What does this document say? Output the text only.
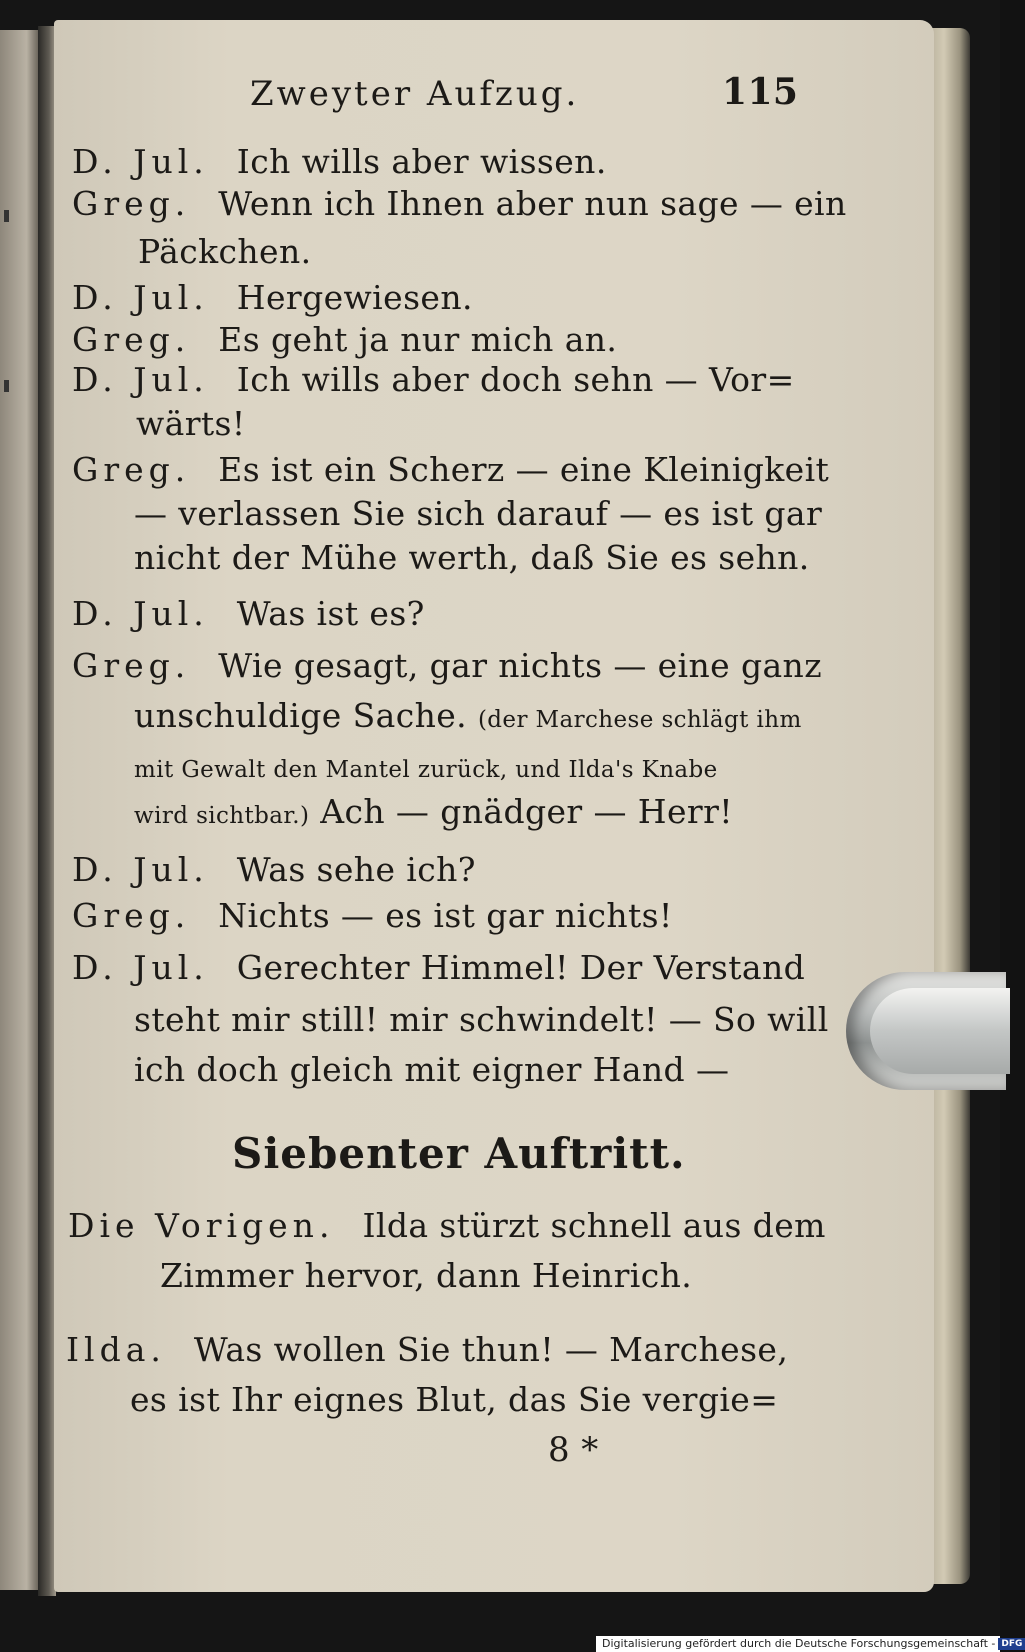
Zweyter Aufzug.	115
D. Jul. Ich wills aber wissen.
Greg. Wenn ich Ihnen aber nun sage — ein
Päckchen.
D. Jul. Hergewiesen.
Greg. Es geht ja nur mich an.
D. Jul. Ich wills aber doch sehn — Vor=
wärts!
Greg. Es ist ein Scherz — eine Kleinigkeit
— verlassen Sie sich darauf — es ist gar
nicht der Mühe werth, daß Sie es sehn.
D. Jul. Was ist es?
Greg. Wie gesagt, gar nichts — eine ganz
unschuldige Sache. (der Marchese schlägt ihm
mit Gewalt den Mantel zurück, und Ilda's Knabe
wird sichtbar.) Ach — gnädger — Herr!
D. Jul. Was sehe ich?
Greg. Nichts — es ist gar nichts!
D. Jul. Gerechter Himmel! Der Verstand
steht mir still! mir schwindelt! — So will
ich doch gleich mit eigner Hand —
Siebenter Auftritt.
Die Vorigen. Ilda stürzt schnell aus dem
Zimmer hervor, dann Heinrich.
Ilda. Was wollen Sie thun! — Marchese,
es ist Ihr eignes Blut, das Sie vergie=
8 *
Digitalisierung gefördert durch die Deutsche Forschungsgemeinschaft - DFG
